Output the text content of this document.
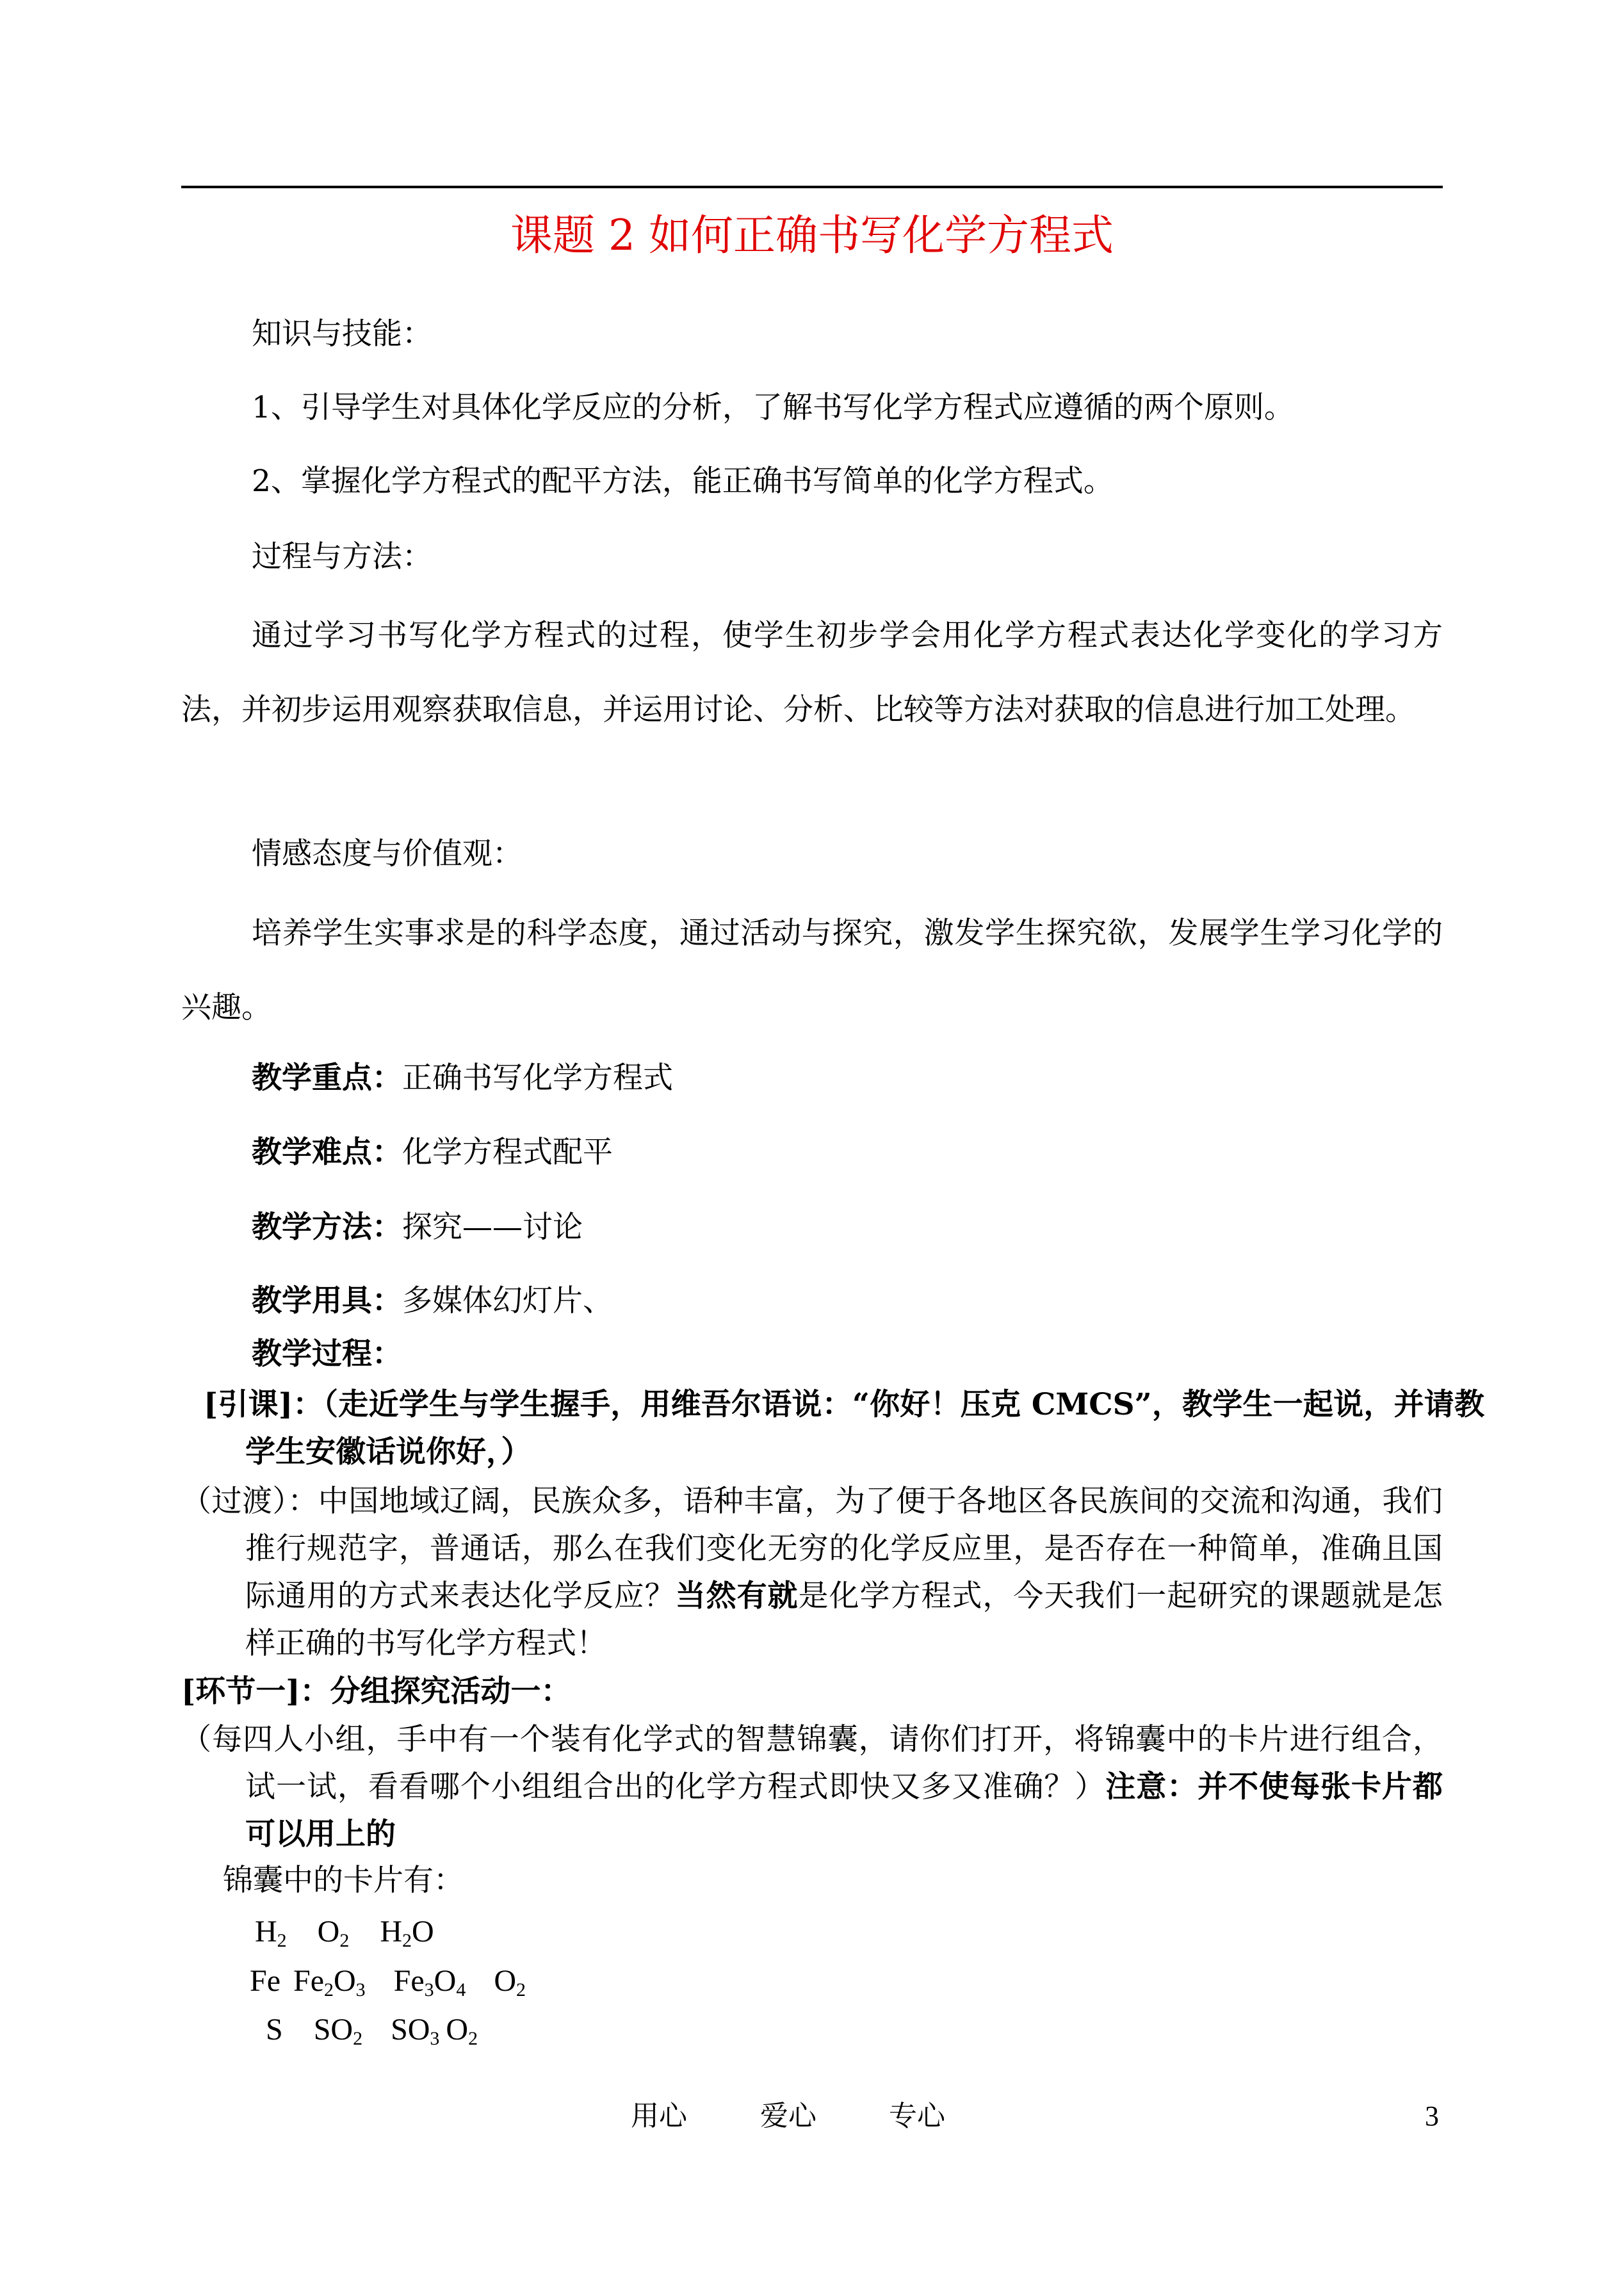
课题 2 如何正确书写化学方程式
知识与技能：
1、引导学生对具体化学反应的分析，了解书写化学方程式应遵循的两个原则。
2、掌握化学方程式的配平方法，能正确书写简单的化学方程式。
过程与方法：
通过学习书写化学方程式的过程，使学生初步学会用化学方程式表达化学变化的学习方法，并初步运用观察获取信息，并运用讨论、分析、比较等方法对获取的信息进行加工处理。
情感态度与价值观：
培养学生实事求是的科学态度，通过活动与探究，激发学生探究欲，发展学生学习化学的兴趣。
教学重点：正确书写化学方程式
教学难点：化学方程式配平
教学方法：探究——讨论
教学用具：多媒体幻灯片、
教学过程：
[引课]：（走近学生与学生握手，用维吾尔语说：“你好！压克 CMCS”，教学生一起说，并请教学生安徽话说你好，）
（过渡）：中国地域辽阔，民族众多，语种丰富，为了便于各地区各民族间的交流和沟通，我们推行规范字，普通话，那么在我们变化无穷的化学反应里，是否存在一种简单，准确且国际通用的方式来表达化学反应？当然有就是化学方程式，今天我们一起研究的课题就是怎样正确的书写化学方程式！
[环节一]：分组探究活动一：
（每四人小组，手中有一个装有化学式的智慧锦囊，请你们打开，将锦囊中的卡片进行组合，试一试，看看哪个小组组合出的化学方程式即快又多又准确？）注意：并不使每张卡片都可以用上的
锦囊中的卡片有：
$H_2$ $O_2$ $H_2O$
Fe $Fe_2O_3$ $Fe_3O_4$ $O_2$
S $SO_2$ $SO_3$ $O_2$
用心	爱心	专心	3
